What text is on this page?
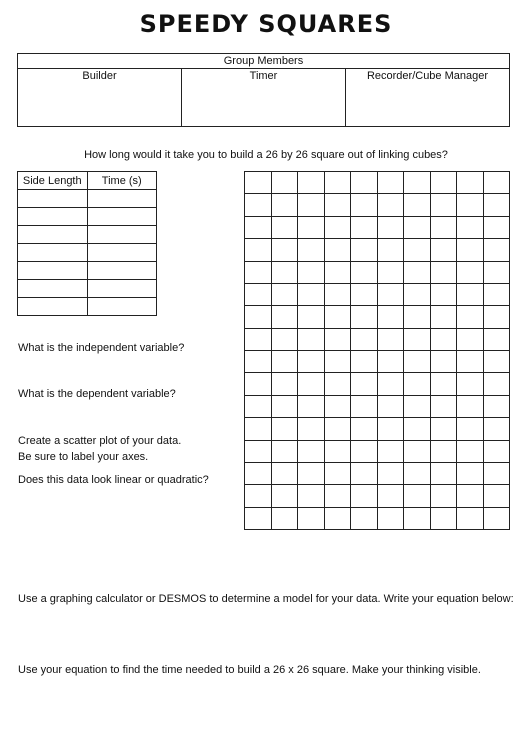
SPEEDY SQUARES
Group Members
Builder	Timer	Recorder/Cube Manager
How long would it take you to build a 26 by 26 square out of linking cubes?
Side Length	Time (s)

What is the independent variable?
What is the dependent variable?
Create a scatter plot of your data.
Be sure to label your axes.
Does this data look linear or quadratic?
Use a graphing calculator or DESMOS to determine a model for your data. Write your equation below:
Use your equation to find the time needed to build a 26 x 26 square. Make your thinking visible.
